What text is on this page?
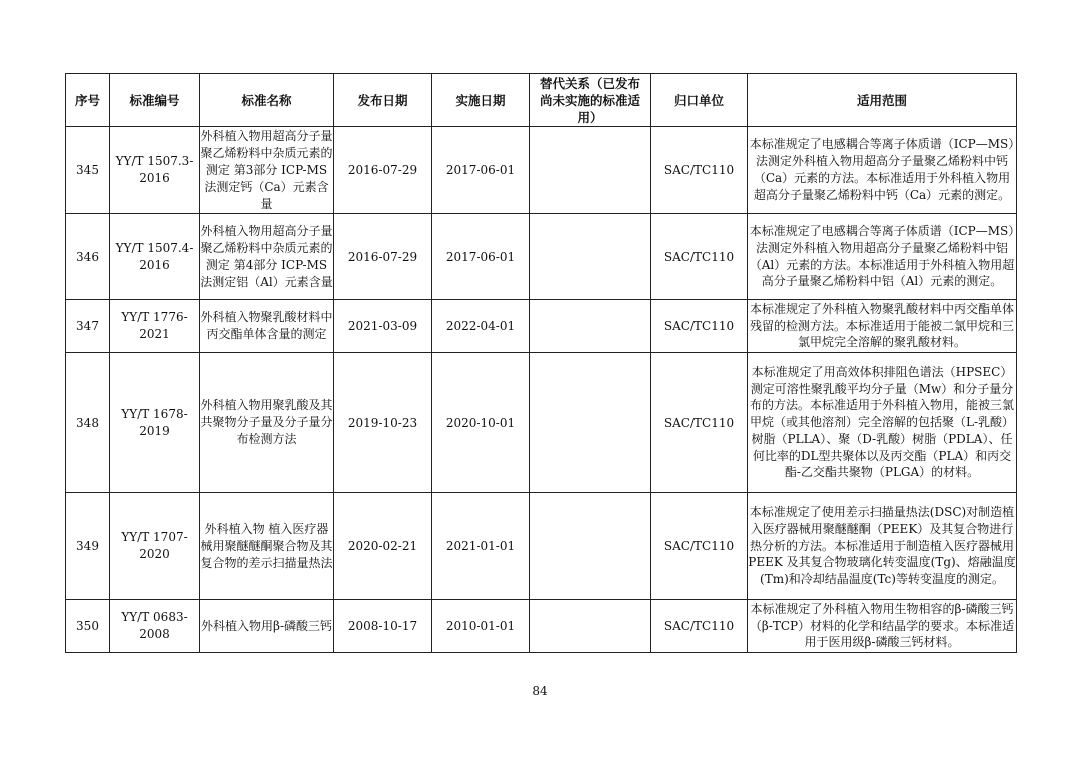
序号	标准编号	标准名称	发布日期	实施日期	替代关系（已发布尚未实施的标准适用）	归口单位	适用范围
345	YY/T 1507.3-2016	外科植入物用超高分子量聚乙烯粉料中杂质元素的测定 第3部分 ICP-MS法测定钙（Ca）元素含量	2016-07-29	2017-06-01		SAC/TC110	本标准规定了电感耦合等离子体质谱（ICP—MS）法测定外科植入物用超高分子量聚乙烯粉料中钙（Ca）元素的方法。本标准适用于外科植入物用超高分子量聚乙烯粉料中钙（Ca）元素的测定。
346	YY/T 1507.4-2016	外科植入物用超高分子量聚乙烯粉料中杂质元素的测定 第4部分 ICP-MS法测定铝（Al）元素含量	2016-07-29	2017-06-01		SAC/TC110	本标准规定了电感耦合等离子体质谱（ICP—MS）法测定外科植入物用超高分子量聚乙烯粉料中铝（Al）元素的方法。本标准适用于外科植入物用超高分子量聚乙烯粉料中铝（Al）元素的测定。
347	YY/T 1776-2021	外科植入物聚乳酸材料中丙交酯单体含量的测定	2021-03-09	2022-04-01		SAC/TC110	本标准规定了外科植入物聚乳酸材料中丙交酯单体残留的检测方法。本标准适用于能被二氯甲烷和三氯甲烷完全溶解的聚乳酸材料。
348	YY/T 1678-2019	外科植入物用聚乳酸及其共聚物分子量及分子量分布检测方法	2019-10-23	2020-10-01		SAC/TC110	本标准规定了用高效体积排阻色谱法（HPSEC）测定可溶性聚乳酸平均分子量（Mw）和分子量分布的方法。本标准适用于外科植入物用，能被三氯甲烷（或其他溶剂）完全溶解的包括聚（L-乳酸）树脂（PLLA）、聚（D-乳酸）树脂（PDLA）、任何比率的DL型共聚体以及丙交酯（PLA）和丙交酯-乙交酯共聚物（PLGA）的材料。
349	YY/T 1707-2020	外科植入物 植入医疗器械用聚醚醚酮聚合物及其复合物的差示扫描量热法	2020-02-21	2021-01-01		SAC/TC110	本标准规定了使用差示扫描量热法(DSC)对制造植入医疗器械用聚醚醚酮（PEEK）及其复合物进行热分析的方法。本标准适用于制造植入医疗器械用 PEEK 及其复合物玻璃化转变温度(Tg)、熔融温度(Tm)和冷却结晶温度(Tc)等转变温度的测定。
350	YY/T 0683-2008	外科植入物用β-磷酸三钙	2008-10-17	2010-01-01		SAC/TC110	本标准规定了外科植入物用生物相容的β-磷酸三钙（β-TCP）材料的化学和结晶学的要求。本标准适用于医用级β-磷酸三钙材料。
84
